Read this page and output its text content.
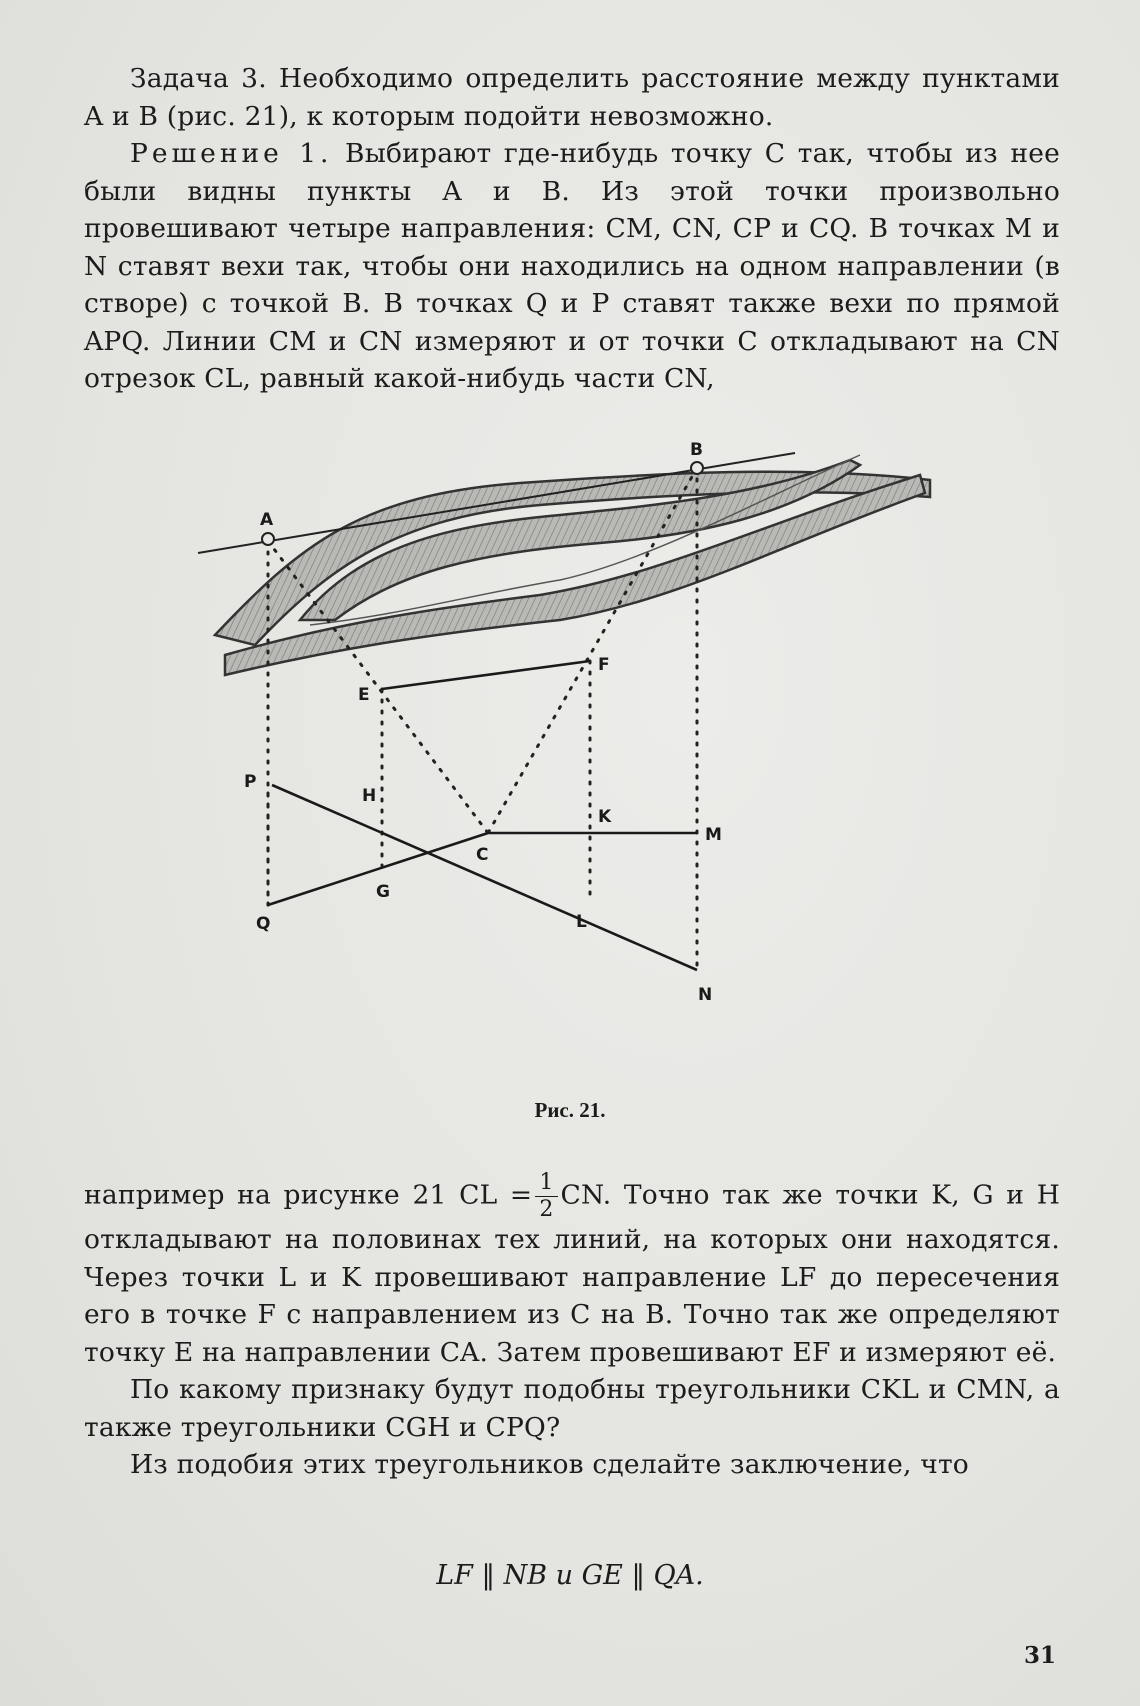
Задача 3. Необходимо определить расстояние между пунктами A и B (рис. 21), к которым подойти невозможно.

Решение 1. Выбирают где-нибудь точку C так, чтобы из нее были видны пункты A и B. Из этой точки произвольно провешивают четыре направления: CM, CN, CP и CQ. В точках M и N ставят вехи так, чтобы они находились на одном направлении (в створе) с точкой B. В точках Q и P ставят также вехи по прямой APQ. Линии CM и CN измеряют и от точки C откладывают на CN отрезок CL, равный какой-нибудь части CN,

A
B
E
F
P
H
K
M
C
G
Q	L
N
Рис. 21.

например на рисунке 21 CL = $\frac{1}{2}$ CN. Точно так же точки K, G и H откладывают на половинах тех линий, на которых они находятся. Через точки L и K провешивают направление LF до пересечения его в точке F с направлением из C на B. Точно так же определяют точку E на направлении CA. Затем провешивают EF и измеряют её.

По какому признаку будут подобны треугольники CKL и CMN, а также треугольники CGH и CPQ?

Из подобия этих треугольников сделайте заключение, что

LF ‖ NB и GE ‖ QA.
31
